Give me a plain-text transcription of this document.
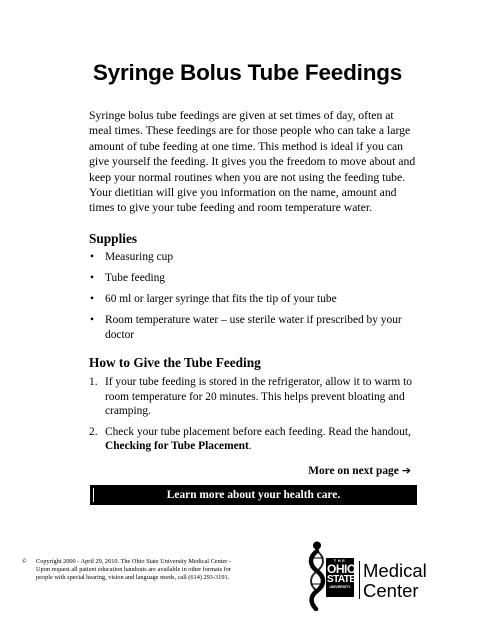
Syringe Bolus Tube Feedings

Syringe bolus tube feedings are given at set times of day, often at meal times. These feedings are for those people who can take a large amount of tube feeding at one time. This method is ideal if you can give yourself the feeding. It gives you the freedom to move about and keep your normal routines when you are not using the feeding tube. Your dietitian will give you information on the name, amount and times to give your tube feeding and room temperature water.

Supplies
• Measuring cup
• Tube feeding
• 60 ml or larger syringe that fits the tip of your tube
• Room temperature water – use sterile water if prescribed by your doctor
How to Give the Tube Feeding
1. If your tube feeding is stored in the refrigerator, allow it to warm to room temperature for 20 minutes. This helps prevent bloating and cramping.
2. Check your tube placement before each feeding. Read the handout, Checking for Tube Placement.
More on next page ➔
Learn more about your health care.

©	Copyright 2000 - April 29, 2010. The Ohio State University Medical Center - Upon request all patient education handouts are available in other formats for people with special hearing, vision and language needs, call (614) 293-3191.

THE
OHIO
STATE
UNIVERSITY
Medical
Center
